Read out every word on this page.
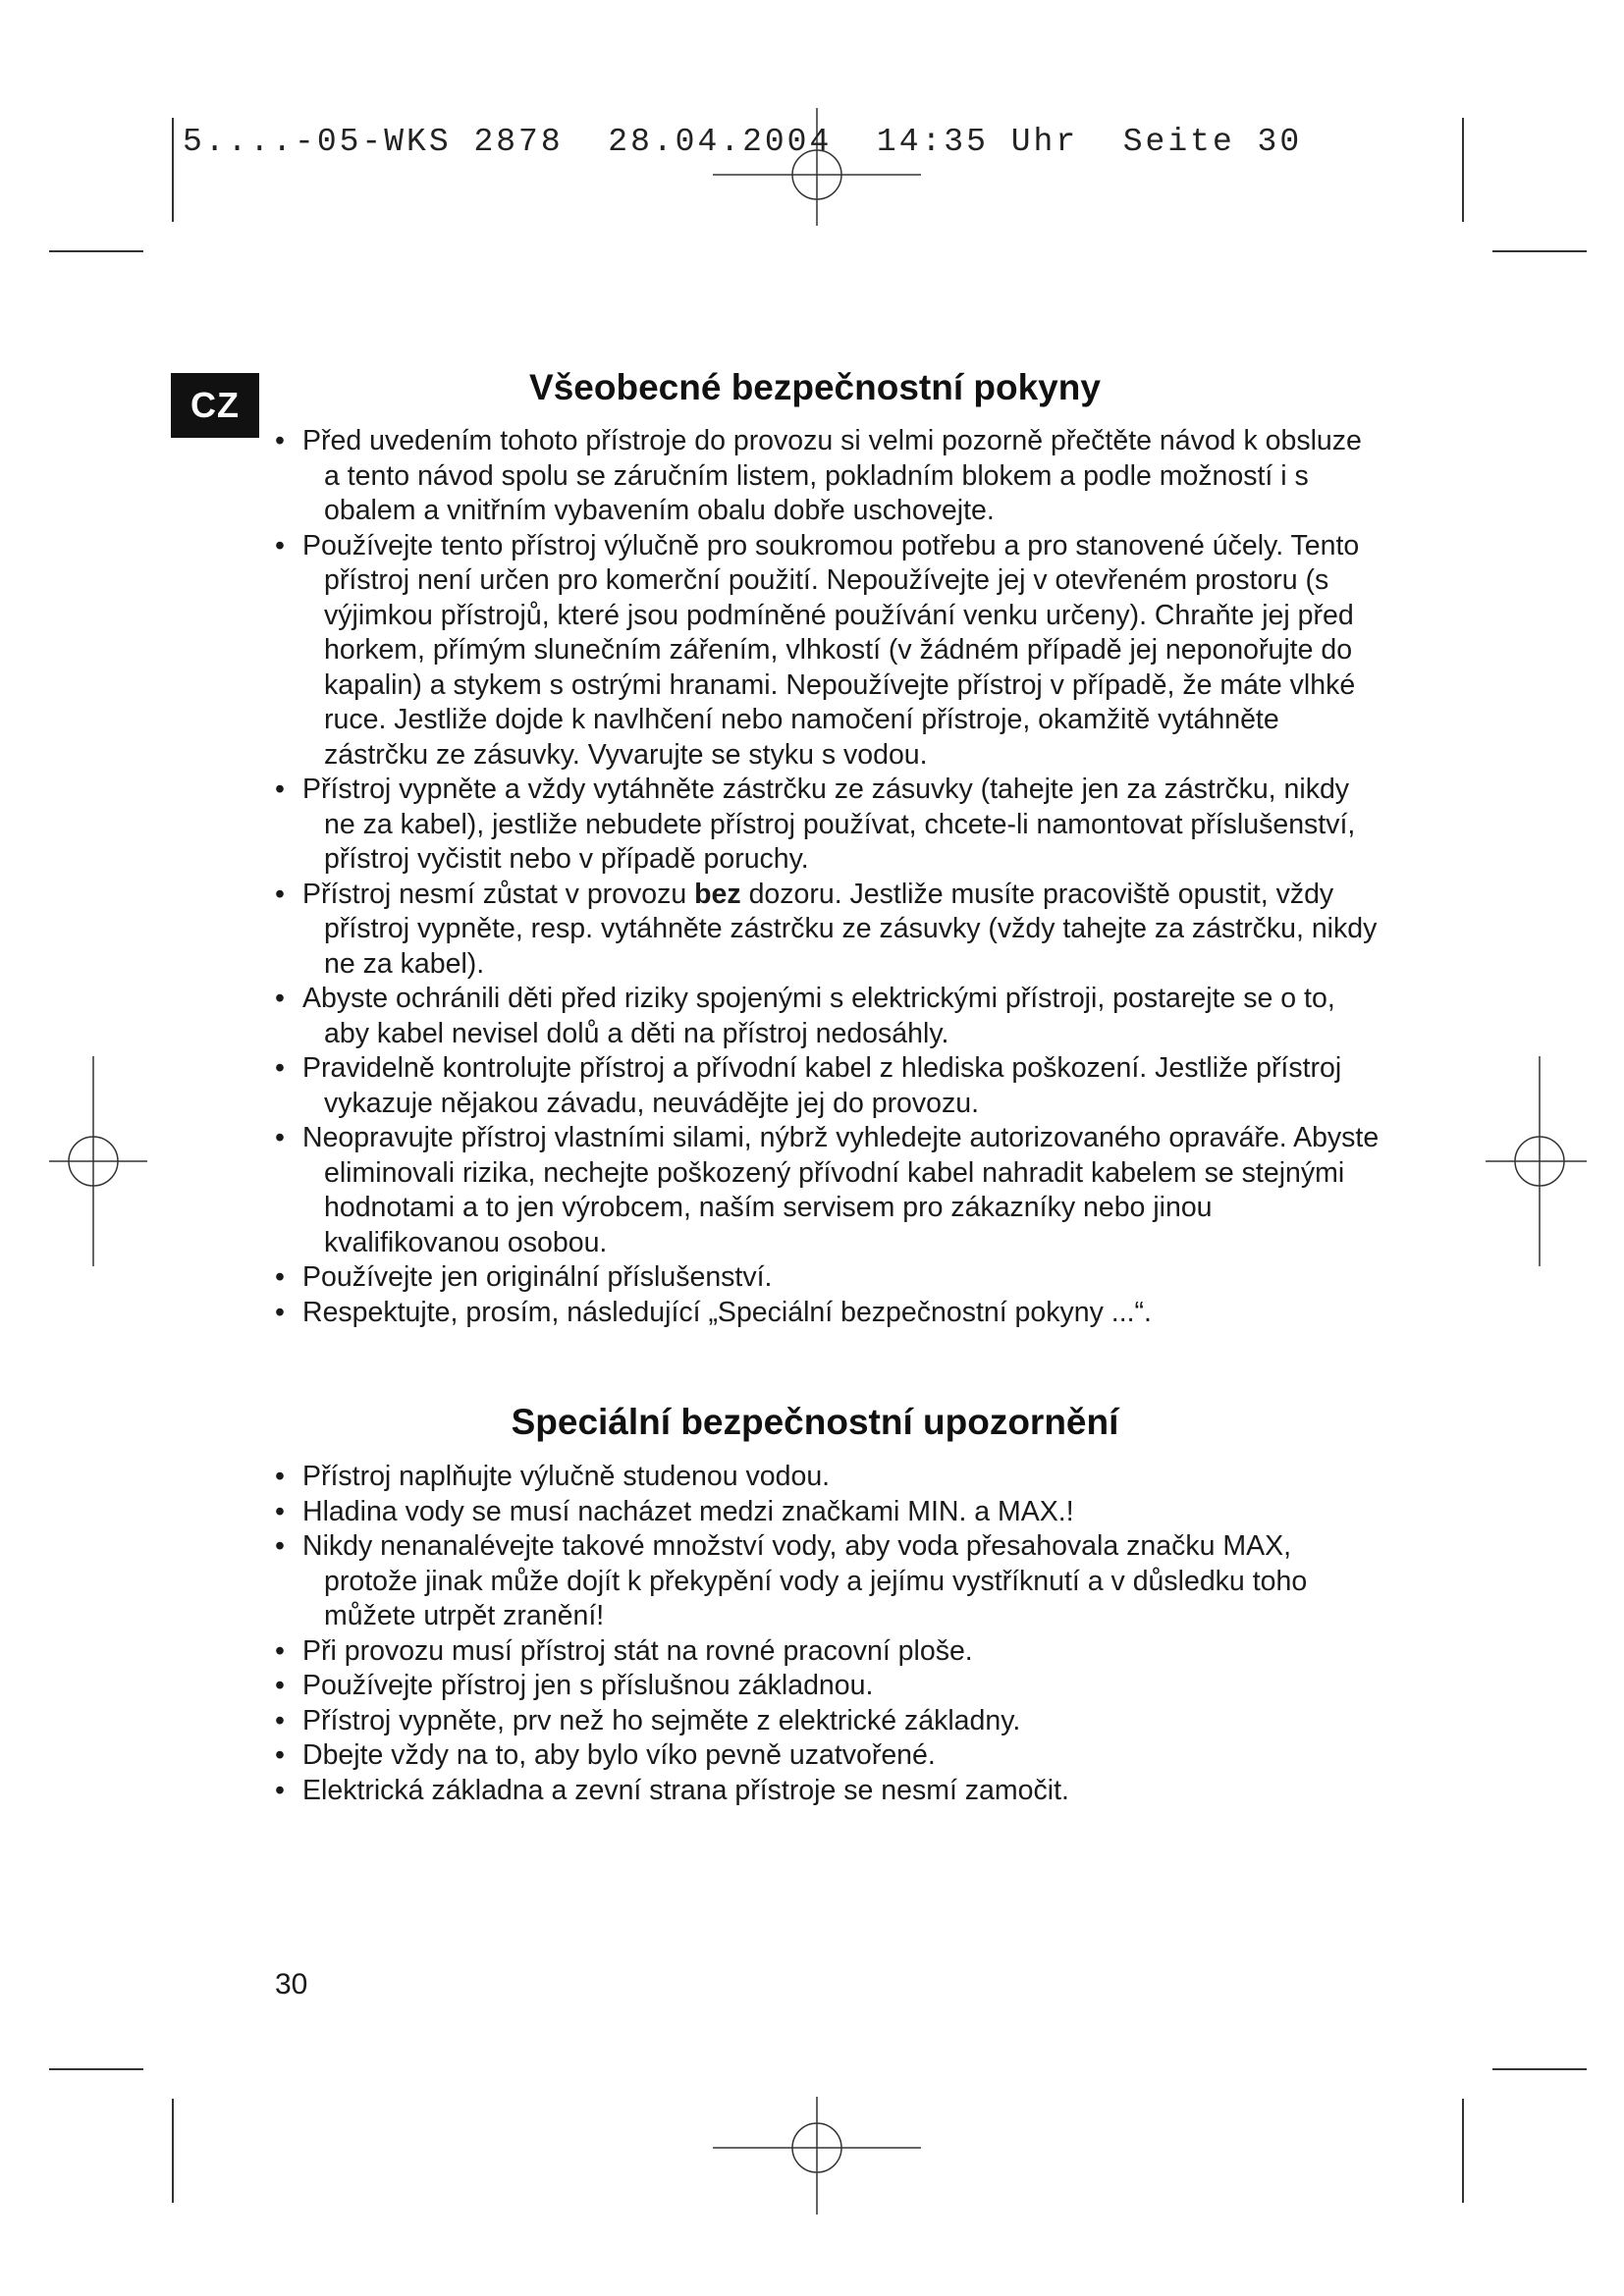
5....-05-WKS 2878  28.04.2004  14:35 Uhr  Seite 30
CZ	Všeobecné bezpečnostní pokyny
• Před uvedením tohoto přístroje do provozu si velmi pozorně přečtěte návod k obsluze a tento návod spolu se záručním listem, pokladním blokem a podle možností i s obalem a vnitřním vybavením obalu dobře uschovejte.
• Používejte tento přístroj výlučně pro soukromou potřebu a pro stanovené účely. Tento přístroj není určen pro komerční použití. Nepoužívejte jej v otevřeném prostoru (s výjimkou přístrojů, které jsou podmíněné používání venku určeny). Chraňte jej před horkem, přímým slunečním zářením, vlhkostí (v žádném případě jej neponořujte do kapalin) a stykem s ostrými hranami. Nepoužívejte přístroj v případě, že máte vlhké ruce. Jestliže dojde k navlhčení nebo namočení přístroje, okamžitě vytáhněte zástrčku ze zásuvky. Vyvarujte se styku s vodou.
• Přístroj vypněte a vždy vytáhněte zástrčku ze zásuvky (tahejte jen za zástrčku, nikdy ne za kabel), jestliže nebudete přístroj používat, chcete-li namontovat příslušenství, přístroj vyčistit nebo v případě poruchy.
• Přístroj nesmí zůstat v provozu bez dozoru. Jestliže musíte pracoviště opustit, vždy přístroj vypněte, resp. vytáhněte zástrčku ze zásuvky (vždy tahejte za zástrčku, nikdy ne za kabel).
• Abyste ochránili děti před riziky spojenými s elektrickými přístroji, postarejte se o to, aby kabel nevisel dolů a děti na přístroj nedosáhly.
• Pravidelně kontrolujte přístroj a přívodní kabel z hlediska poškození. Jestliže přístroj vykazuje nějakou závadu, neuvádějte jej do provozu.
• Neopravujte přístroj vlastními silami, nýbrž vyhledejte autorizovaného opraváře. Abyste eliminovali rizika, nechejte poškozený přívodní kabel nahradit kabelem se stejnými hodnotami a to jen výrobcem, naším servisem pro zákazníky nebo jinou kvalifikovanou osobou.
• Používejte jen originální příslušenství.
• Respektujte, prosím, následující „Speciální bezpečnostní pokyny ...“.
Speciální bezpečnostní upozornění
• Přístroj naplňujte výlučně studenou vodou.
• Hladina vody se musí nacházet medzi značkami MIN. a MAX.!
• Nikdy nenanalévejte takové množství vody, aby voda přesahovala značku MAX, protože jinak může dojít k překypění vody a jejímu vystříknutí a v důsledku toho můžete utrpět zranění!
• Při provozu musí přístroj stát na rovné pracovní ploše.
• Používejte přístroj jen s příslušnou základnou.
• Přístroj vypněte, prv než ho sejměte z elektrické základny.
• Dbejte vždy na to, aby bylo víko pevně uzatvořené.
• Elektrická základna a zevní strana přístroje se nesmí zamočit.
30
